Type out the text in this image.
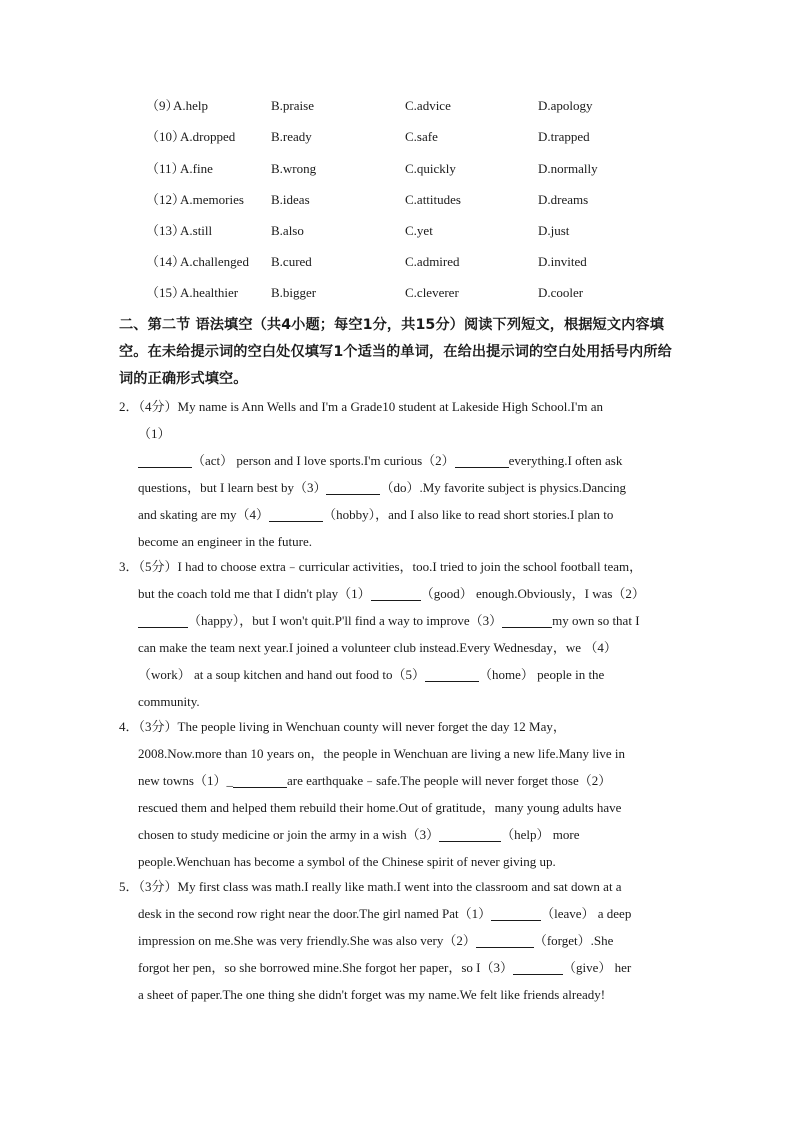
（9）
A.help	B.praise	C.advice	D.apology
（10）
A.dropped	B.ready	C.safe	D.trapped
（11）
A.fine	B.wrong	C.quickly	D.normally
（12）
A.memories B.ideas	C.attitudes	D.dreams
（13）
A.still	B.also	C.yet	D.just
（14）
A.challenged B.cured	C.admired	D.invited
（15）
A.healthier	B.bigger	C.cleverer	D.cooler
二、第二节 语法填空（共4小题；每空1分，共15分）阅读下列短文，根据短文内容填
空。在未给提示词的空白处仅填写1个适当的单词，在给出提示词的空白处用括号内所给
词的正确形式填空。
2．（4分）My name is Ann Wells and I'm a Grade10 student at Lakeside High School.I'm an
（1）
（act） person and I love sports.I'm curious（2）	everything.I often ask
questions，but I learn best by（3）	（do）.My favorite subject is physics.Dancing
and skating are my（4）	（hobby），and I also like to read short stories.I plan to
become an engineer in the future.
3．（5分）I had to choose extra﹣curricular activities，too.I tried to join the school football team，
but the coach told me that I didn't play（1）	（good） enough.Obviously，I was（2）
（happy），but I won't quit.P'll find a way to improve（3）	my own so that I
can make the team next year.I joined a volunteer club instead.Every Wednesday，we （4）
（work） at a soup kitchen and hand out food to（5）	（home） people in the
community.
4．（3分）The people living in Wenchuan county will never forget the day 12 May，
2008.Now.more than 10 years on，the people in Wenchuan are living a new life.Many live in
new towns（1）_	are earthquake﹣safe.The people will never forget those（2）
rescued them and helped them rebuild their home.Out of gratitude，many young adults have
chosen to study medicine or join the army in a wish（3）	（help） more
people.Wenchuan has become a symbol of the Chinese spirit of never giving up.
5．（3分）My first class was math.I really like math.I went into the classroom and sat down at a
desk in the second row right near the door.The girl named Pat（1）	（leave） a deep
impression on me.She was very friendly.She was also very（2）	（forget）.She
forgot her pen，so she borrowed mine.She forgot her paper，so I（3）	（give） her
a sheet of paper.The one thing she didn't forget was my name.We felt like friends already!
